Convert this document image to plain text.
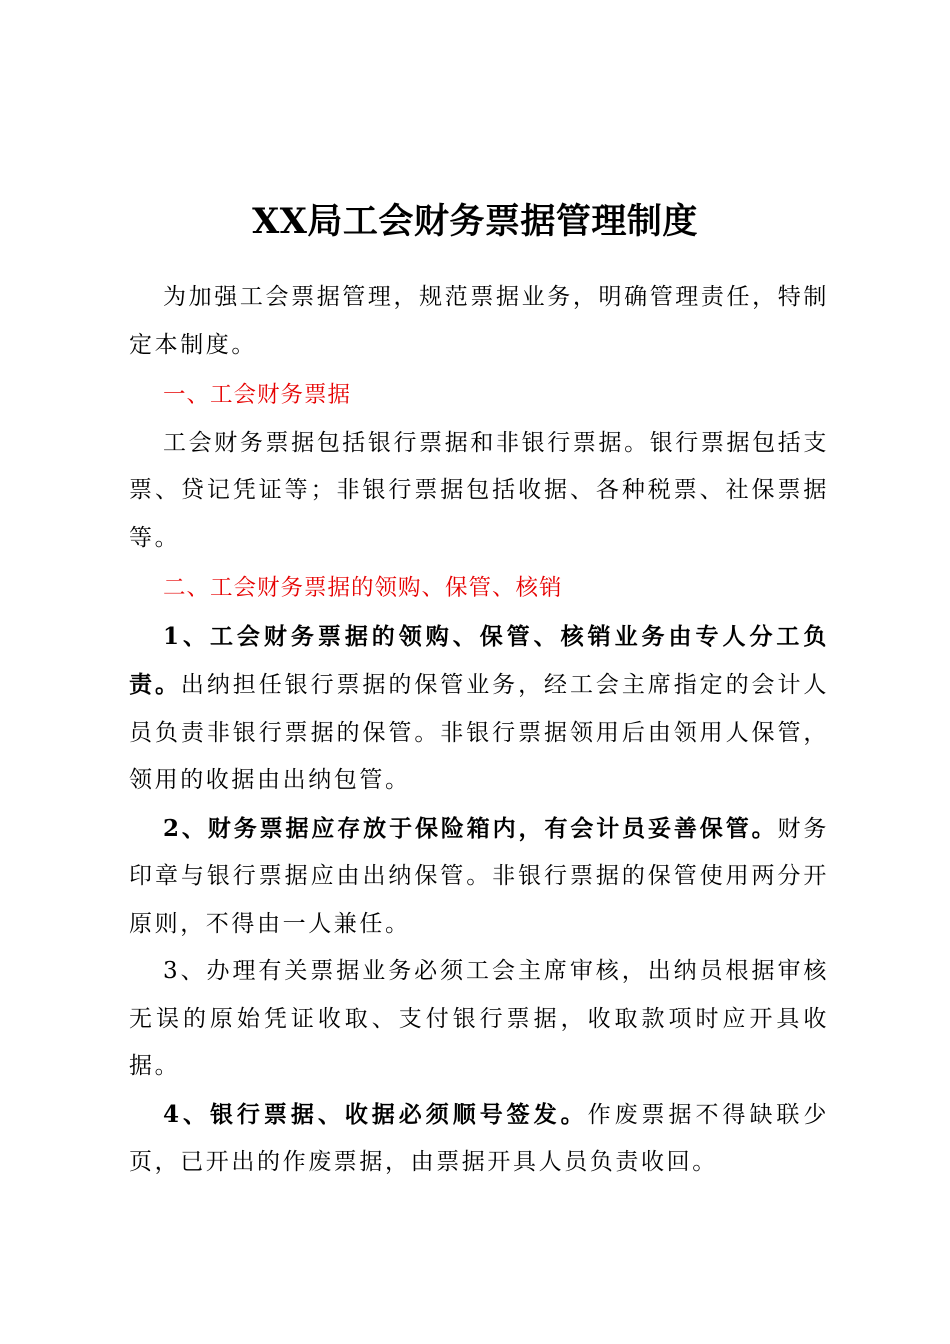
XX局工会财务票据管理制度

为加强工会票据管理，规范票据业务，明确管理责任，特制定本制度。

一、工会财务票据

工会财务票据包括银行票据和非银行票据。银行票据包括支票、贷记凭证等；非银行票据包括收据、各种税票、社保票据等。

二、工会财务票据的领购、保管、核销

1、工会财务票据的领购、保管、核销业务由专人分工负责。出纳担任银行票据的保管业务，经工会主席指定的会计人员负责非银行票据的保管。非银行票据领用后由领用人保管，领用的收据由出纳包管。

2、财务票据应存放于保险箱内，有会计员妥善保管。财务印章与银行票据应由出纳保管。非银行票据的保管使用两分开原则，不得由一人兼任。

3、办理有关票据业务必须工会主席审核，出纳员根据审核无误的原始凭证收取、支付银行票据，收取款项时应开具收据。

4、银行票据、收据必须顺号签发。作废票据不得缺联少页，已开出的作废票据，由票据开具人员负责收回。
